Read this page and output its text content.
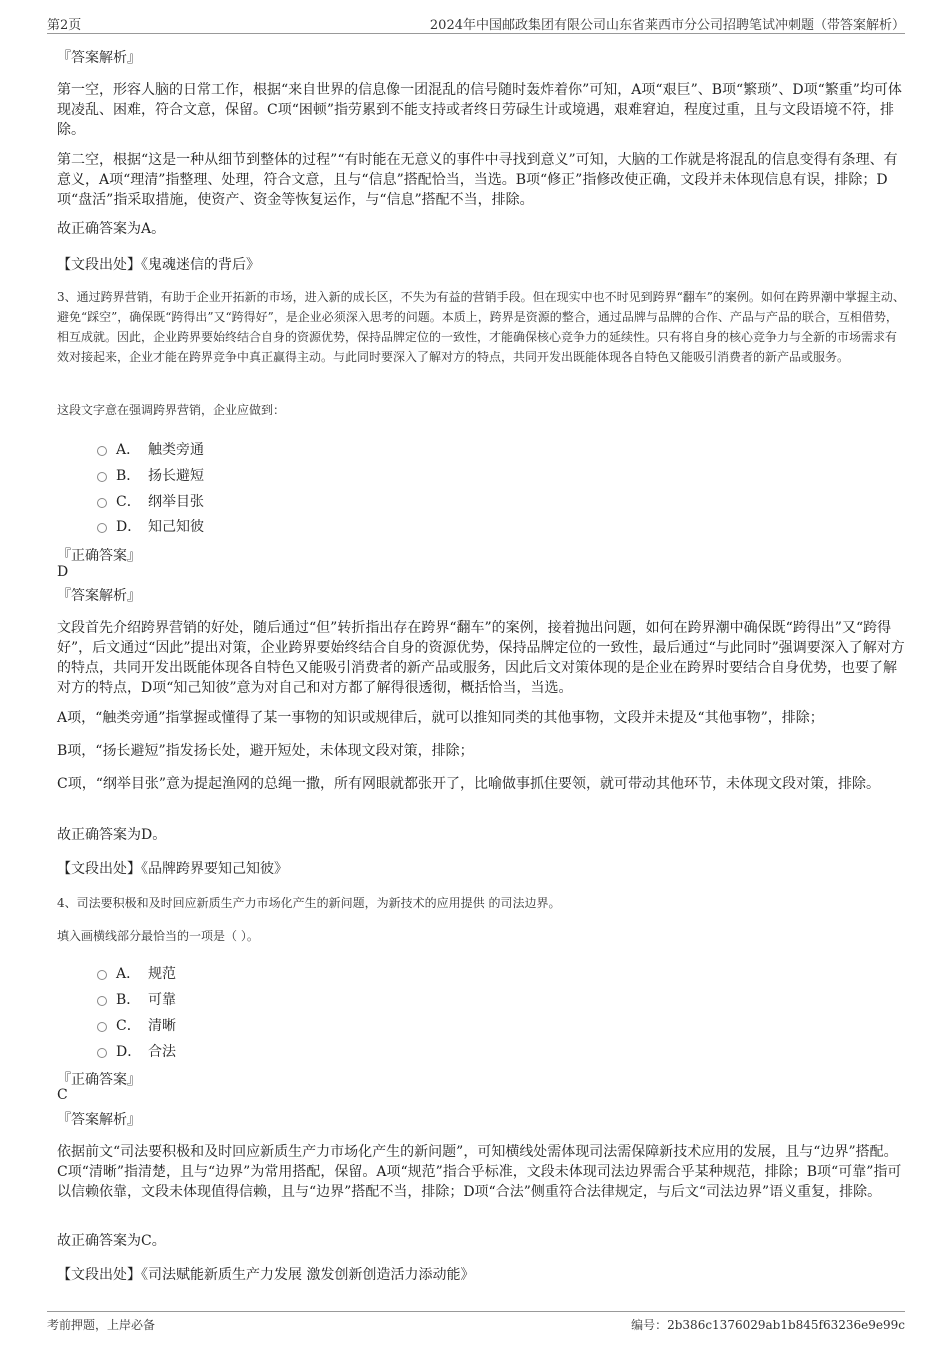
第2页	2024年中国邮政集团有限公司山东省莱西市分公司招聘笔试冲刺题（带答案解析）
『答案解析』
第一空，形容人脑的日常工作，根据“来自世界的信息像一团混乱的信号随时轰炸着你”可知，A项“艰巨”、B项“繁琐”、D项“繁重”均可体现凌乱、困难，符合文意，保留。C项“困顿”指劳累到不能支持或者终日劳碌生计或境遇，艰难窘迫，程度过重，且与文段语境不符，排除。
第二空，根据“这是一种从细节到整体的过程”“有时能在无意义的事件中寻找到意义”可知，大脑的工作就是将混乱的信息变得有条理、有意义，A项“理清”指整理、处理，符合文意，且与“信息”搭配恰当，当选。B项“修正”指修改使正确，文段并未体现信息有误，排除；D项“盘活”指采取措施，使资产、资金等恢复运作，与“信息”搭配不当，排除。
故正确答案为A。
【文段出处】《鬼魂迷信的背后》
3、通过跨界营销，有助于企业开拓新的市场，进入新的成长区，不失为有益的营销手段。但在现实中也不时见到跨界“翻车”的案例。如何在跨界潮中掌握主动、避免“踩空”，确保既“跨得出”又“跨得好”，是企业必须深入思考的问题。本质上，跨界是资源的整合，通过品牌与品牌的合作、产品与产品的联合，互相借势，相互成就。因此，企业跨界要始终结合自身的资源优势，保持品牌定位的一致性，才能确保核心竞争力的延续性。只有将自身的核心竞争力与全新的市场需求有效对接起来，企业才能在跨界竞争中真正赢得主动。与此同时要深入了解对方的特点，共同开发出既能体现各自特色又能吸引消费者的新产品或服务。
这段文字意在强调跨界营销，企业应做到：
A． 触类旁通
B． 扬长避短
C． 纲举目张
D． 知己知彼
『正确答案』
D
『答案解析』
文段首先介绍跨界营销的好处，随后通过“但”转折指出存在跨界“翻车”的案例，接着抛出问题，如何在跨界潮中确保既“跨得出”又“跨得好”，后文通过“因此”提出对策，企业跨界要始终结合自身的资源优势，保持品牌定位的一致性，最后通过“与此同时”强调要深入了解对方的特点，共同开发出既能体现各自特色又能吸引消费者的新产品或服务，因此后文对策体现的是企业在跨界时要结合自身优势，也要了解对方的特点，D项“知己知彼”意为对自己和对方都了解得很透彻，概括恰当，当选。
A项，“触类旁通”指掌握或懂得了某一事物的知识或规律后，就可以推知同类的其他事物，文段并未提及“其他事物”，排除；
B项，“扬长避短”指发扬长处，避开短处，未体现文段对策，排除；
C项，“纲举目张”意为提起渔网的总绳一撒，所有网眼就都张开了，比喻做事抓住要领，就可带动其他环节，未体现文段对策，排除。
故正确答案为D。
【文段出处】《品牌跨界要知己知彼》
4、司法要积极和及时回应新质生产力市场化产生的新问题，为新技术的应用提供 的司法边界。
填入画横线部分最恰当的一项是（ ）。
A． 规范
B． 可靠
C． 清晰
D． 合法
『正确答案』
C
『答案解析』
依据前文“司法要积极和及时回应新质生产力市场化产生的新问题”，可知横线处需体现司法需保障新技术应用的发展，且与“边界”搭配。C项“清晰”指清楚，且与“边界”为常用搭配，保留。A项“规范”指合乎标准，文段未体现司法边界需合乎某种规范，排除；B项“可靠”指可以信赖依靠，文段未体现值得信赖，且与“边界”搭配不当，排除；D项“合法”侧重符合法律规定，与后文“司法边界”语义重复，排除。
故正确答案为C。
【文段出处】《司法赋能新质生产力发展 激发创新创造活力添动能》
考前押题，上岸必备	编号：2b386c1376029ab1b845f63236e9e99c
